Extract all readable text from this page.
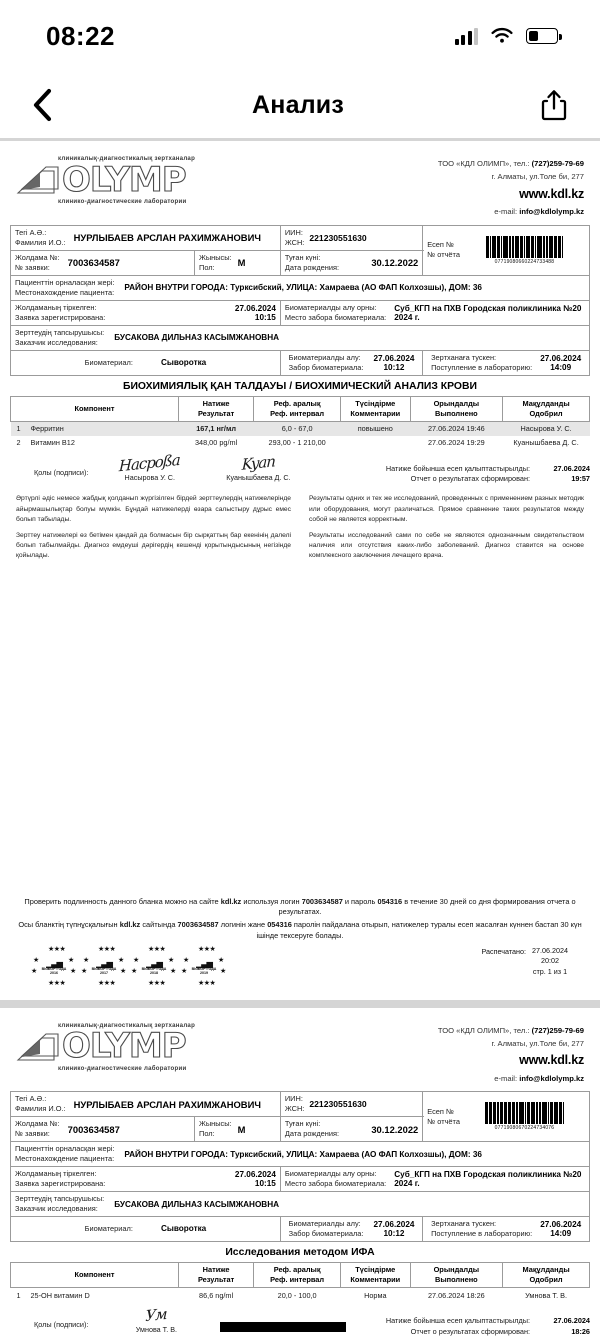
08:22
Анализ
клиникалық-диагностикалық зертханалар
OLYMP
клинико-диагностические лаборатории
ТОО «КДЛ ОЛИМП», тел.: (727)259-79-69
г. Алматы, ул.Толе би, 277
www.kdl.kz
e-mail: info@kdlolymp.kz
Тегі А.Ә.:
Фамилия И.О.: НУРЛЫБАЕВ АРСЛАН РАХИМЖАНОВИЧ	ИИН:
ЖСН: 221230551630

Есеп №
№ отчёта
07719080660224733488

Жолдама №:
№ заявки:	7003634587	Жынысы:
Пол:	М	Туған күні:
Дата рождения:	30.12.2022

Пациенттін орналасқан жері:
Местонахождение пациента: РАЙОН ВНУТРИ ГОРОДА: Турксибский, УЛИЦА: Хамраева (АО ФАП Колхозшы), ДОМ: 36			

Жолдаманың тіркелген:
Заявка зарегистрирована:
27.06.2024
10:15

Биоматериалды алу орны:
Место забора биоматериала:
Суб_КГП на ПХВ Городская поликлиника №20 2024 г.

Зерттеудің тапсырушысы:
Заказчик исследования: БУСАКОВА ДИЛЬНАЗ КАСЫМЖАНОВНА			

Биоматериал:	Сыворотка	
Биоматериалды алу:
Забор биоматериала:
27.06.2024
10:12

Зертханаға тускен:
Поступление в лабораторию:
27.06.2024
14:09
БИОХИМИЯЛЫҚ ҚАН ТАЛДАУЫ / БИОХИМИЧЕСКИЙ АНАЛИЗ КРОВИ
Компонент	
Натиже
Результат

Реф. аралық
Реф. интервал

Түсіндірме
Комментарии

Орындалды
Выполнено

Мақұлданды
Одобрил

1	Ферритин	167,1 нг/мл	6,0 - 67,0	повышено	27.06.2024 19:46	Насырова У. С.
2	Витамин В12	348,00 pg/ml	293,00 - 1 210,00		27.06.2024 19:29	Куанышбаева Д. С.
Қолы (подписи):	Hacpoßa
Насырова У. С.
Kyan
Куанышбаева Д. С.
Натиже бойынша есеп қалыптастырылды:
Отчет о результатах сформирован:
27.06.2024
19:57

Әртүрлі әдіс немесе жабдық қолданып жүргізілген бірдей зерттеулердің натижелерінде айырмашылықтар болуы мүмкін. Бұндай натижелерді өзара салыстыру дұрыс емес болып табылады.

Зерттеу натижелері өз бетімен қандай да болмасын бір сырқаттың бар екенінің далелі болып табылмайды. Диагноз емдеуші дәрігердің кешенді қорытындысының негізінде қойылады.

Результаты одних и тех же исследований, проведенных с применением разных методик или оборудования, могут различаться. Прямое сравнение таких результатов между собой не является корректным.

Результаты исследований сами по себе не являются однозначным свидетельством наличия или отсутствия каких-либо заболеваний. Диагноз ставится на основе комплексного заключения лечащего врача.

Проверить подлинность данного бланка можно на сайте kdl.kz используя логин 7003634587 и пароль 054316 в течение 30 дней со дня формирования отчета о результатах.
Осы бланктің түпнұсқалығын kdl.kz сайтында 7003634587 логинін жане 054316 паролін пайдалана отырып, натижелер туралы есеп жасалған күннен бастап 30 күн ішінде тексеруге болады.
★★★
★	★
★	★
★★★
▁▃▅
ВЫБОР ГОДА
2016
★★★
★	★
★	★
★★★
▁▃▅
ВЫБОР ГОДА
2017
★★★
★	★
★	★
★★★
▁▃▅
ВЫБОР ГОДА
2018
★★★
★	★
★	★
★★★
▁▃▅
ВЫБОР ГОДА
2019
Распечатано: 27.06.2024
20:02
стр. 1 из 1
клиникалық-диагностикалық зертханалар
OLYMP
клинико-диагностические лаборатории
ТОО «КДЛ ОЛИМП», тел.: (727)259-79-69
г. Алматы, ул.Толе би, 277
www.kdl.kz
e-mail: info@kdlolymp.kz
Тегі А.Ә.:
Фамилия И.О.: НУРЛЫБАЕВ АРСЛАН РАХИМЖАНОВИЧ	ИИН:
ЖСН: 221230551630

Есеп №
№ отчёта
07719080670224734076

Жолдама №:
№ заявки:	7003634587	Жынысы:
Пол:	М	Туған күні:
Дата рождения:	30.12.2022

Пациенттін орналасқан жері:
Местонахождение пациента: РАЙОН ВНУТРИ ГОРОДА: Турксибский, УЛИЦА: Хамраева (АО ФАП Колхозшы), ДОМ: 36			

Жолдаманың тіркелген:
Заявка зарегистрирована:
27.06.2024
10:15

Биоматериалды алу орны:
Место забора биоматериала:
Суб_КГП на ПХВ Городская поликлиника №20 2024 г.

Зерттеудің тапсырушысы:
Заказчик исследования: БУСАКОВА ДИЛЬНАЗ КАСЫМЖАНОВНА			

Биоматериал:	Сыворотка	
Биоматериалды алу:
Забор биоматериала:
27.06.2024
10:12

Зертханаға тускен:
Поступление в лабораторию:
27.06.2024
14:09
Исследования методом ИФА
Компонент	
Натиже
Результат

Реф. аралық
Реф. интервал

Түсіндірме
Комментарии

Орындалды
Выполнено

Мақұлданды
Одобрил

1	25-ОН витамин D	86,6 ng/ml	20,0 - 100,0	Норма	27.06.2024 18:26	Умнова Т. В.
Қолы (подписи):	Ум
Умнова Т. В.
Натиже бойынша есеп қалыптастырылды:
Отчет о результатах сформирован:
27.06.2024
18:26
